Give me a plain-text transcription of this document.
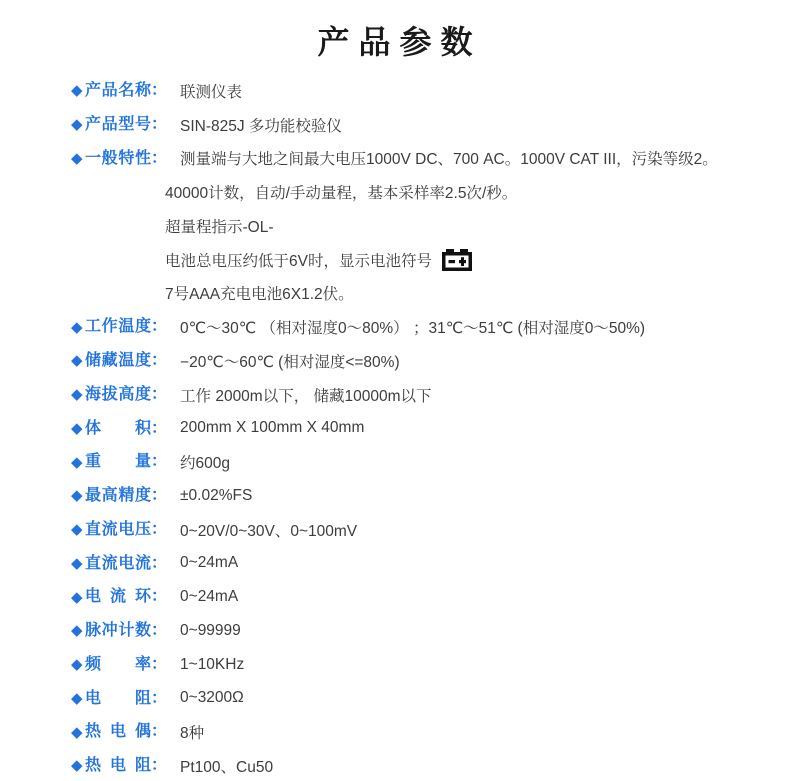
产品参数
◆ 产品名称 ： 联测仪表
◆ 产品型号 ： SIN-825J 多功能校验仪
◆ 一般特性 ： 测量端与大地之间最大电压1000V DC、700 AC。1000V CAT III，污染等级2。
40000计数，自动/手动量程，基本采样率2.5次/秒。
超量程指示-OL-
电池总电压约低于6V时，显示电池符号
7号AAA充电电池6X1.2伏。
◆ 工作温度 ： 0℃～30℃ （相对湿度0～80%） ；31℃～51℃ (相对湿度0～50%)
◆ 储藏温度 ： −20℃～60℃ (相对湿度<=80%)
◆ 海拔高度 ： 工作 2000m以下， 储藏10000m以下
◆ 体 积 ： 200mm X 100mm X 40mm
◆ 重 量 ： 约600g
◆ 最高精度 ： ±0.02%FS
◆ 直流电压 ： 0~20V/0~30V、0~100mV
◆ 直流电流 ： 0~24mA
◆ 电 流 环 ： 0~24mA
◆ 脉冲计数 ： 0~99999
◆ 频 率 ： 1~10KHz
◆ 电 阻 ： 0~3200Ω
◆ 热 电 偶 ： 8种
◆ 热 电 阻 ： Pt100、Cu50
